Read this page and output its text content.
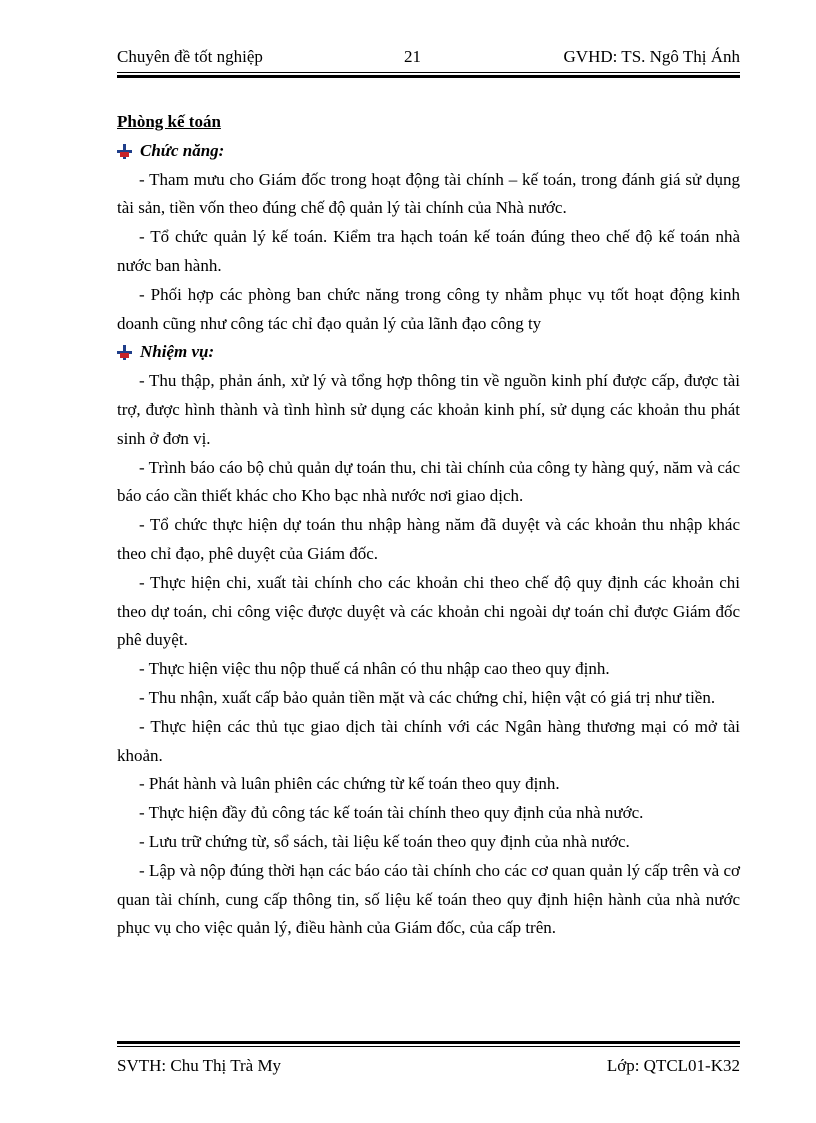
Chuyên đề tốt nghiệp	21	GVHD: TS. Ngô Thị Ánh

Phòng kế toán

Chức năng:

- Tham mưu cho Giám đốc trong hoạt động tài chính – kế toán, trong đánh giá sử dụng tài sản, tiền vốn theo đúng chế độ quản lý tài chính của Nhà nước.

- Tổ chức quản lý kế toán. Kiểm tra hạch toán kế toán đúng theo chế độ kế toán nhà nước ban hành.

- Phối hợp các phòng ban chức năng trong công ty nhằm phục vụ tốt hoạt động kinh doanh cũng như công tác chỉ đạo quản lý của lãnh đạo công ty

Nhiệm vụ:

- Thu thập, phản ánh, xử lý và tổng hợp thông tin về nguồn kinh phí được cấp, được tài trợ, được hình thành và tình hình sử dụng các khoản kinh phí, sử dụng các khoản thu phát sinh ở đơn vị.

- Trình báo cáo bộ chủ quản dự toán thu, chi tài chính của công ty hàng quý, năm và các báo cáo cần thiết khác cho Kho bạc nhà nước nơi giao dịch.

- Tổ chức thực hiện dự toán thu nhập hàng năm đã duyệt và các khoản thu nhập khác theo chỉ đạo, phê duyệt của Giám đốc.

- Thực hiện chi, xuất tài chính cho các khoản chi theo chế độ quy định các khoản chi theo dự toán, chi công việc được duyệt và các khoản chi ngoài dự toán chỉ được Giám đốc phê duyệt.

- Thực hiện việc thu nộp thuế cá nhân có thu nhập cao theo quy định.

- Thu nhận, xuất cấp bảo quản tiền mặt và các chứng chỉ, hiện vật có giá trị như tiền.

- Thực hiện các thủ tục giao dịch tài chính với các Ngân hàng thương mại có mở tài khoản.

- Phát hành và luân phiên các chứng từ kế toán theo quy định.

- Thực hiện đầy đủ công tác kế toán tài chính theo quy định của nhà nước.

- Lưu trữ chứng từ, sổ sách, tài liệu kế toán theo quy định của nhà nước.

- Lập và nộp đúng thời hạn các báo cáo tài chính cho các cơ quan quản lý cấp trên và cơ quan tài chính, cung cấp thông tin, số liệu kế toán theo quy định hiện hành của nhà nước phục vụ cho việc quản lý, điều hành của Giám đốc, của cấp trên.

SVTH: Chu Thị Trà My	Lớp: QTCL01-K32
